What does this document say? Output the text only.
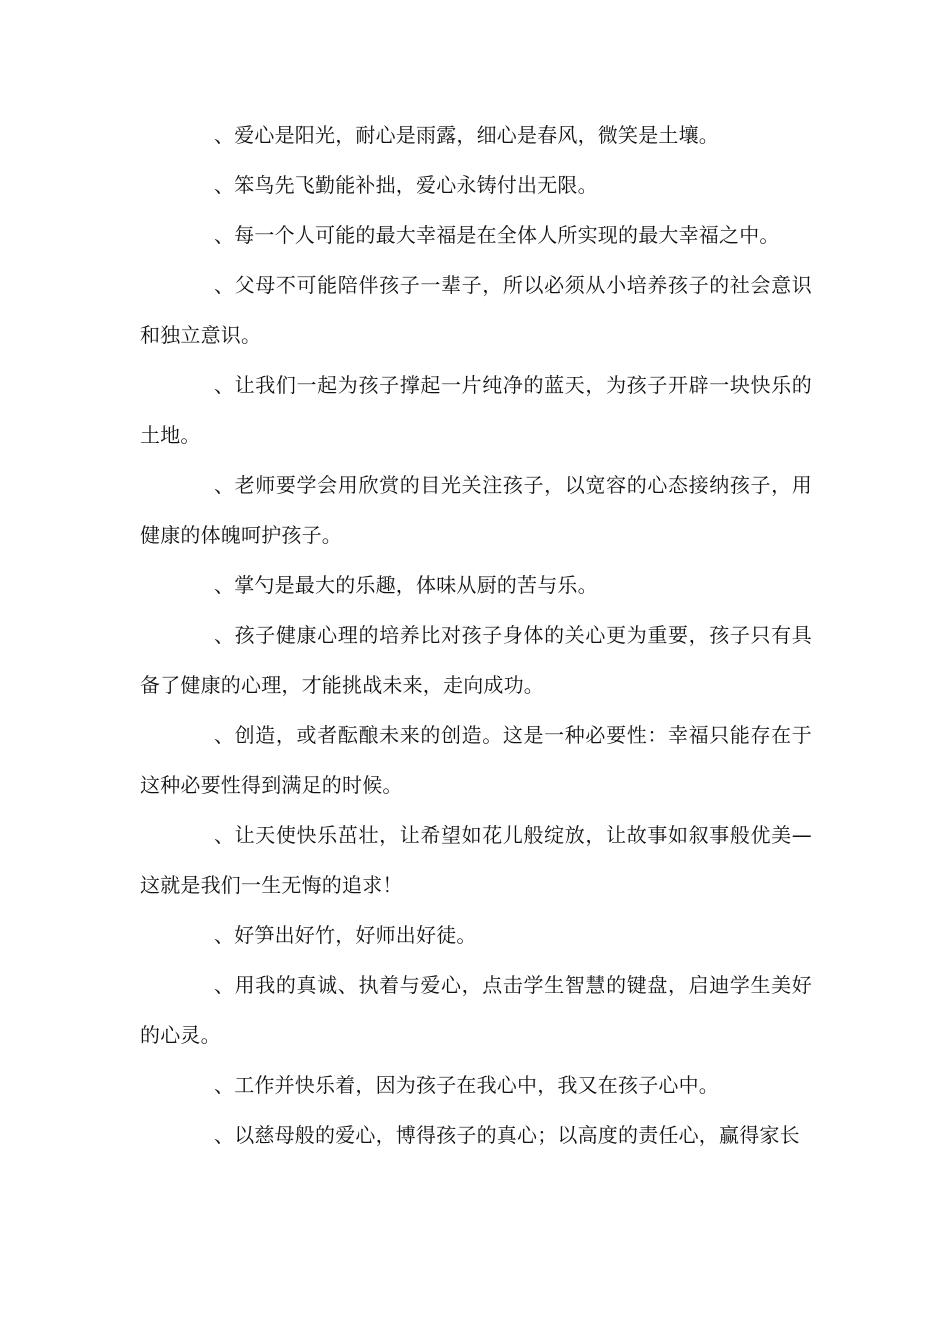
、爱心是阳光，耐心是雨露，细心是春风，微笑是土壤。

、笨鸟先飞勤能补拙，爱心永铸付出无限。

、每一个人可能的最大幸福是在全体人所实现的最大幸福之中。

、父母不可能陪伴孩子一辈子，所以必须从小培养孩子的社会意识和独立意识。

、让我们一起为孩子撑起一片纯净的蓝天，为孩子开辟一块快乐的土地。

、老师要学会用欣赏的目光关注孩子，以宽容的心态接纳孩子，用健康的体魄呵护孩子。

、掌勺是最大的乐趣，体味从厨的苦与乐。

、孩子健康心理的培养比对孩子身体的关心更为重要，孩子只有具备了健康的心理，才能挑战未来，走向成功。

、创造，或者酝酿未来的创造。这是一种必要性：幸福只能存在于这种必要性得到满足的时候。

、让天使快乐茁壮，让希望如花儿般绽放，让故事如叙事般优美—这就是我们一生无悔的追求！

、好笋出好竹，好师出好徒。

、用我的真诚、执着与爱心，点击学生智慧的键盘，启迪学生美好的心灵。

、工作并快乐着，因为孩子在我心中，我又在孩子心中。

、以慈母般的爱心，博得孩子的真心；以高度的责任心，赢得家长
